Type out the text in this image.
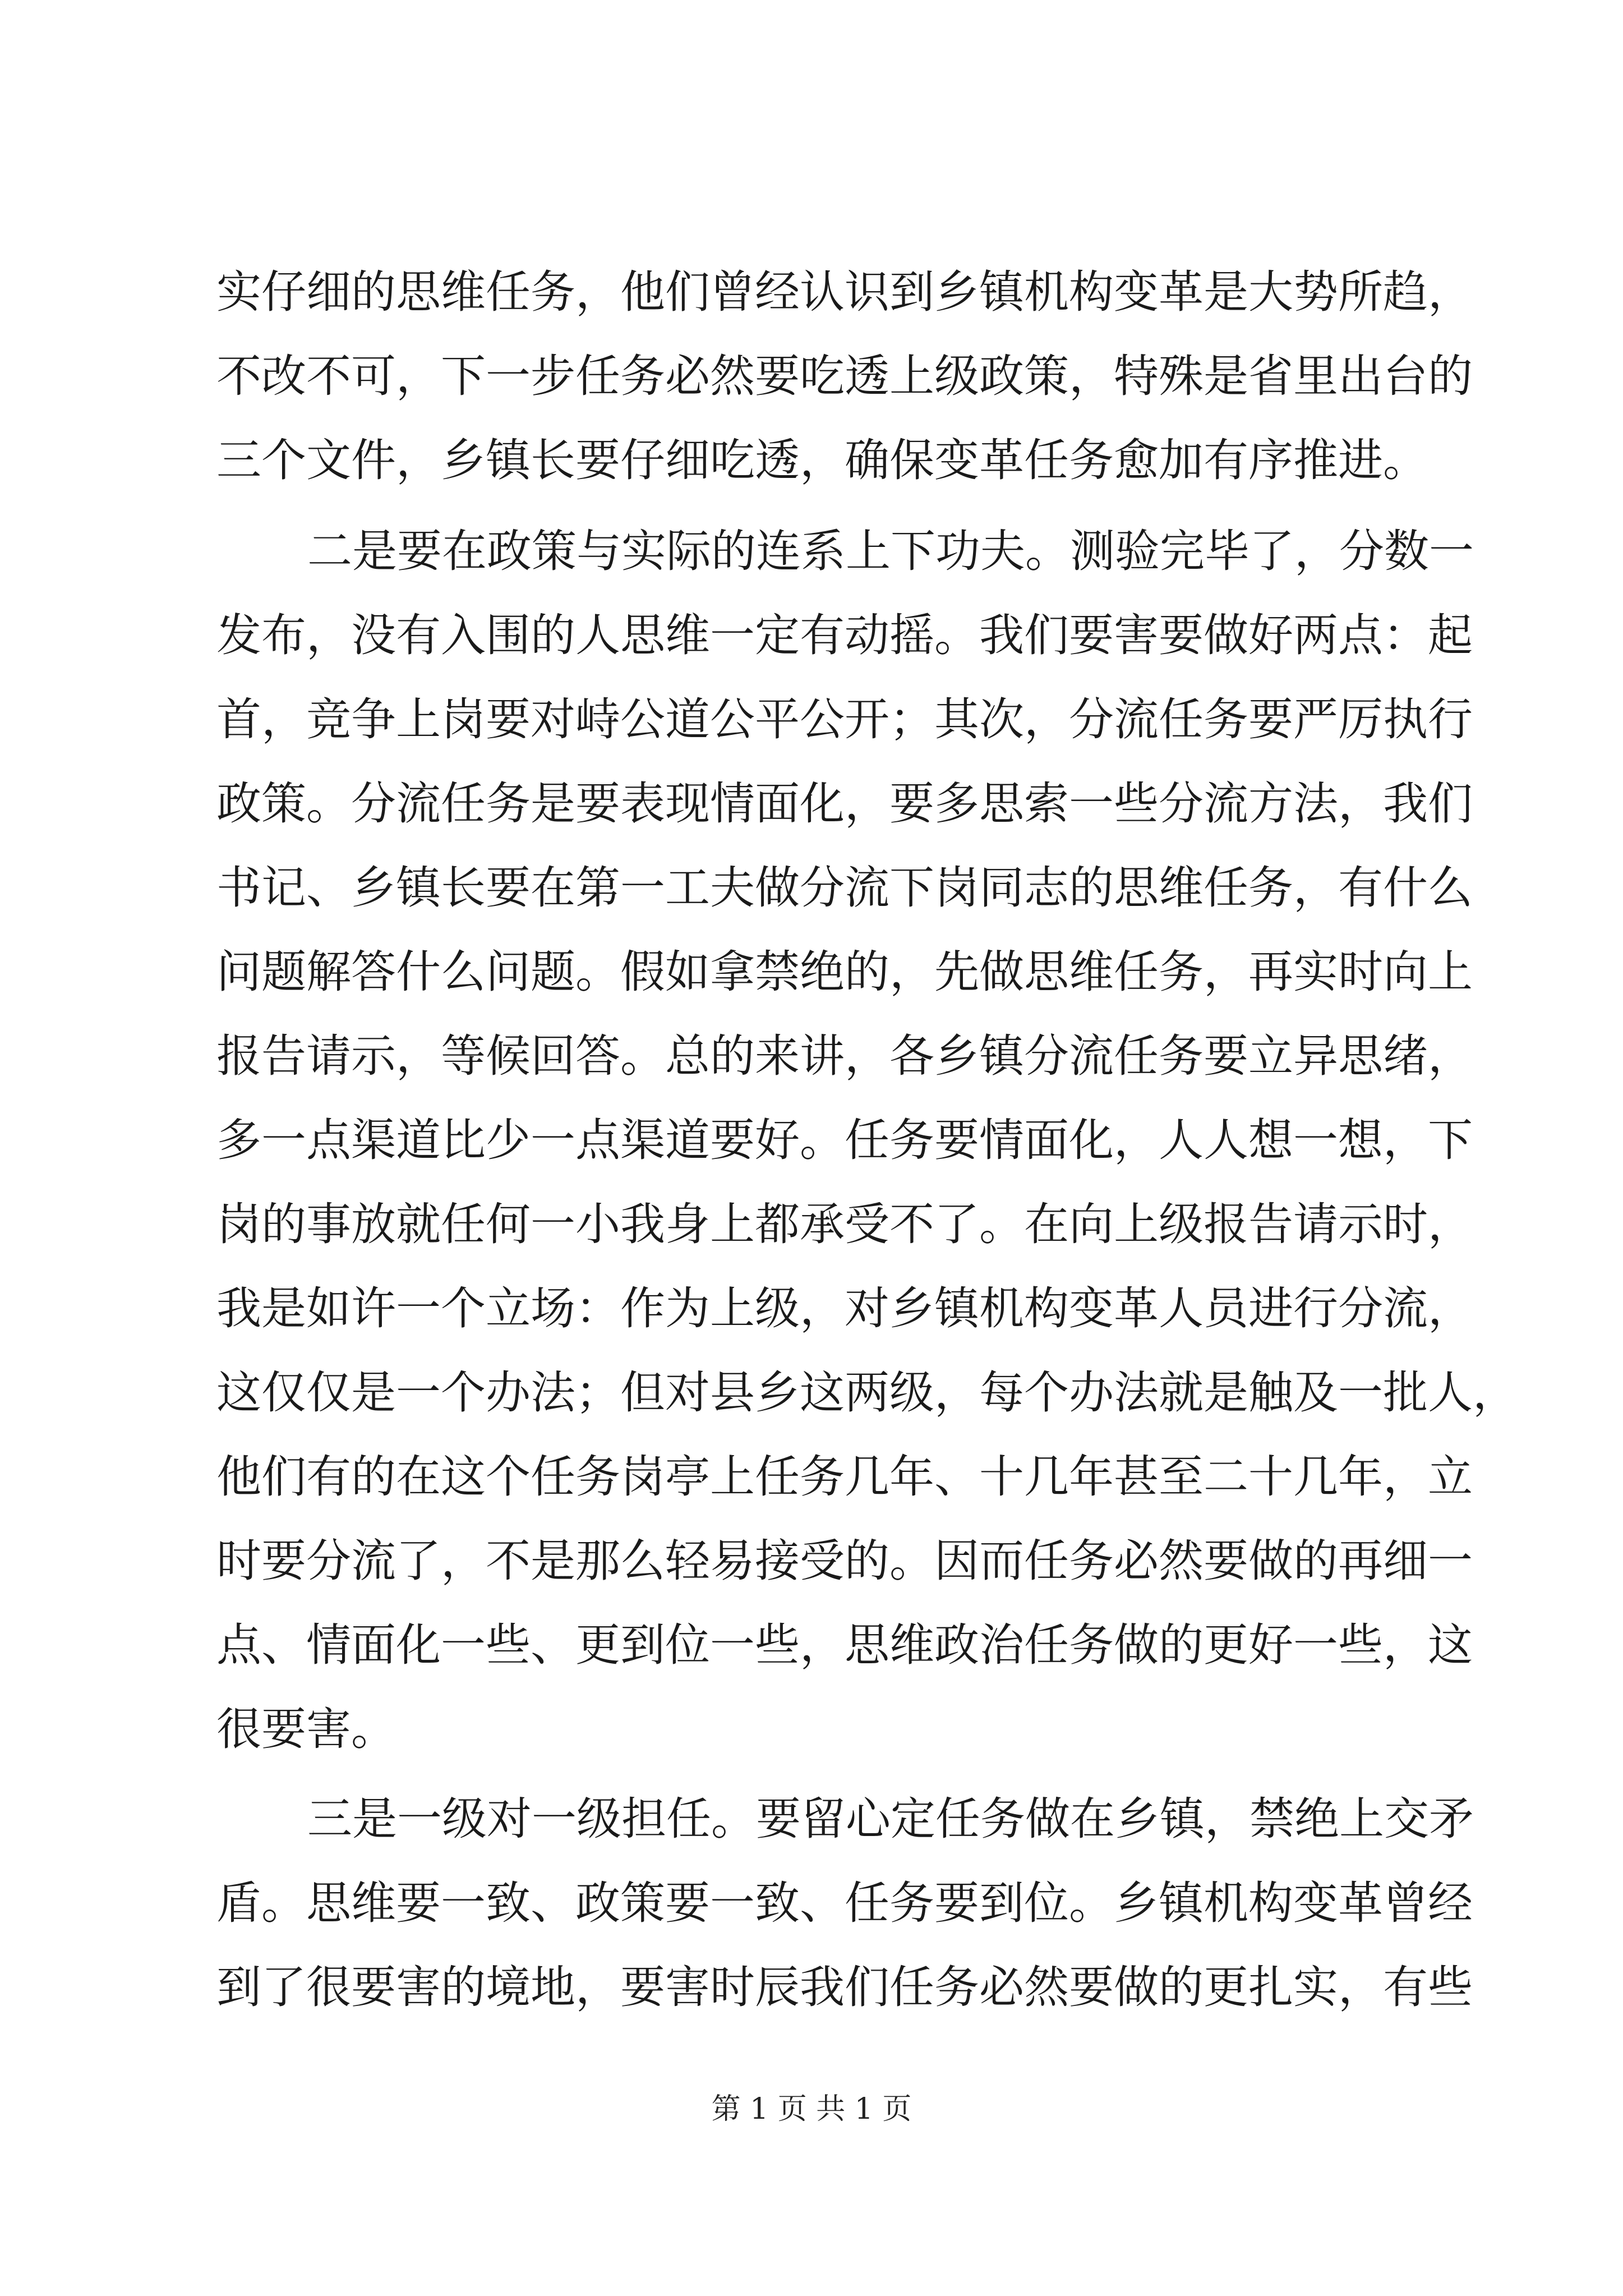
实仔细的思维任务，他们曾经认识到乡镇机构变革是大势所趋，
不改不可，下一步任务必然要吃透上级政策，特殊是省里出台的
三个文件，乡镇长要仔细吃透，确保变革任务愈加有序推进。
二是要在政策与实际的连系上下功夫。测验完毕了，分数一
发布，没有入围的人思维一定有动摇。我们要害要做好两点：起
首，竞争上岗要对峙公道公平公开；其次，分流任务要严厉执行
政策。分流任务是要表现情面化，要多思索一些分流方法，我们
书记、乡镇长要在第一工夫做分流下岗同志的思维任务，有什么
问题解答什么问题。假如拿禁绝的，先做思维任务，再实时向上
报告请示，等候回答。总的来讲，各乡镇分流任务要立异思绪，
多一点渠道比少一点渠道要好。任务要情面化，人人想一想，下
岗的事放就任何一小我身上都承受不了。在向上级报告请示时，
我是如许一个立场：作为上级，对乡镇机构变革人员进行分流，
这仅仅是一个办法；但对县乡这两级，每个办法就是触及一批人，
他们有的在这个任务岗亭上任务几年、十几年甚至二十几年，立
时要分流了，不是那么轻易接受的。因而任务必然要做的再细一
点、情面化一些、更到位一些，思维政治任务做的更好一些，这
很要害。
三是一级对一级担任。要留心定任务做在乡镇，禁绝上交矛
盾。思维要一致、政策要一致、任务要到位。乡镇机构变革曾经
到了很要害的境地，要害时辰我们任务必然要做的更扎实，有些
第 1 页 共 1 页
